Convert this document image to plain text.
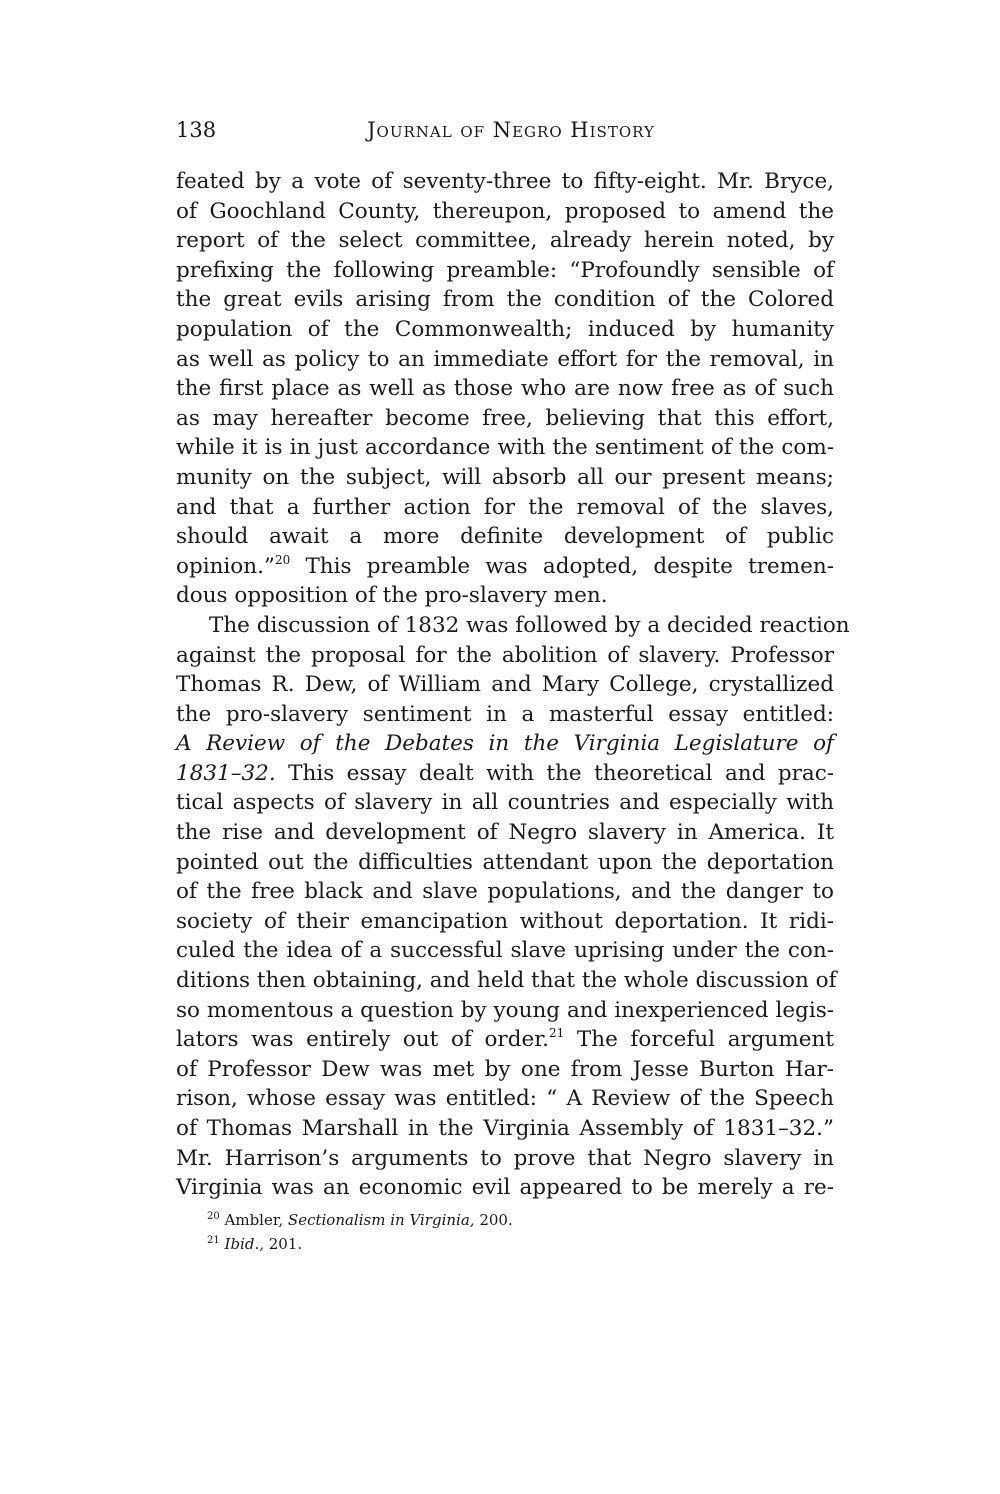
138	Journal of Negro History
feated by a vote of seventy-three to fifty-eight. Mr. Bryce,
of Goochland County, thereupon, proposed to amend the
report of the select committee, already herein noted, by
prefixing the following preamble: “Profoundly sensible of
the great evils arising from the condition of the Colored
population of the Commonwealth; induced by humanity
as well as policy to an immediate effort for the removal, in
the first place as well as those who are now free as of such
as may hereafter become free, believing that this effort,
while it is in just accordance with the sentiment of the com-
munity on the subject, will absorb all our present means;
and that a further action for the removal of the slaves,
should await a more definite development of public
opinion.”$^{20}$ This preamble was adopted, despite tremen-
dous opposition of the pro-slavery men.
The discussion of 1832 was followed by a decided reaction
against the proposal for the abolition of slavery. Professor
Thomas R. Dew, of William and Mary College, crystallized
the pro-slavery sentiment in a masterful essay entitled:
A Review of the Debates in the Virginia Legislature of
1831–32. This essay dealt with the theoretical and prac-
tical aspects of slavery in all countries and especially with
the rise and development of Negro slavery in America. It
pointed out the difficulties attendant upon the deportation
of the free black and slave populations, and the danger to
society of their emancipation without deportation. It ridi-
culed the idea of a successful slave uprising under the con-
ditions then obtaining, and held that the whole discussion of
so momentous a question by young and inexperienced legis-
lators was entirely out of order.$^{21}$ The forceful argument
of Professor Dew was met by one from Jesse Burton Har-
rison, whose essay was entitled: “ A Review of the Speech
of Thomas Marshall in the Virginia Assembly of 1831–32.”
Mr. Harrison’s arguments to prove that Negro slavery in
Virginia was an economic evil appeared to be merely a re-
$^{20}$ Ambler, Sectionalism in Virginia, 200.
$^{21}$ Ibid., 201.
